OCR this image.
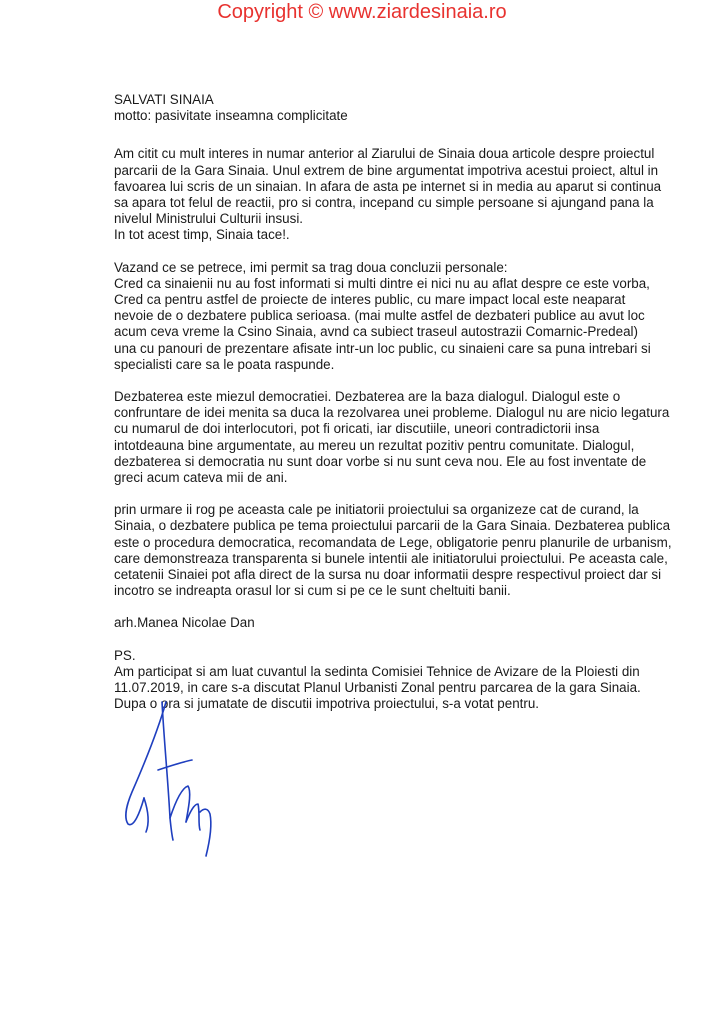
Copyright © www.ziardesinaia.ro

SALVATI SINAIA

motto: pasivitate inseamna complicitate

Am citit cu mult interes in numar anterior al Ziarului de Sinaia doua articole despre proiectul
parcarii de la Gara Sinaia. Unul extrem de bine argumentat impotriva acestui proiect, altul in
favoarea lui scris de un sinaian. In afara de asta pe internet si in media au aparut si continua
sa apara tot felul de reactii, pro si contra, incepand cu simple persoane si ajungand pana la
nivelul Ministrului Culturii insusi.
In tot acest timp, Sinaia tace!.

Vazand ce se petrece, imi permit sa trag doua concluzii personale:
Cred ca sinaienii nu au fost informati si multi dintre ei nici nu au aflat despre ce este vorba,
Cred ca pentru astfel de proiecte de interes public, cu mare impact local este neaparat
nevoie de o dezbatere publica serioasa. (mai multe astfel de dezbateri publice au avut loc
acum ceva vreme la Csino Sinaia, avnd ca subiect traseul autostrazii Comarnic-Predeal)
una cu panouri de prezentare afisate intr-un loc public, cu sinaieni care sa puna intrebari si
specialisti care sa le poata raspunde.

Dezbaterea este miezul democratiei. Dezbaterea are la baza dialogul. Dialogul este o
confruntare de idei menita sa duca la rezolvarea unei probleme. Dialogul nu are nicio legatura
cu numarul de doi interlocutori, pot fi oricati, iar discutiile, uneori contradictorii insa
intotdeauna bine argumentate, au mereu un rezultat pozitiv pentru comunitate. Dialogul,
dezbaterea si democratia nu sunt doar vorbe si nu sunt ceva nou. Ele au fost inventate de
greci acum cateva mii de ani.

prin urmare ii rog pe aceasta cale pe initiatorii proiectului sa organizeze cat de curand, la
Sinaia, o dezbatere publica pe tema proiectului parcarii de la Gara Sinaia. Dezbaterea publica
este o procedura democratica, recomandata de Lege, obligatorie penru planurile de urbanism,
care demonstreaza transparenta si bunele intentii ale initiatorului proiectului. Pe aceasta cale,
cetatenii Sinaiei pot afla direct de la sursa nu doar informatii despre respectivul proiect dar si
incotro se indreapta orasul lor si cum si pe ce le sunt cheltuiti banii.

arh.Manea Nicolae Dan

PS.

Am participat si am luat cuvantul la sedinta Comisiei Tehnice de Avizare de la Ploiesti din
11.07.2019, in care s-a discutat Planul Urbanisti Zonal pentru parcarea de la gara Sinaia.
Dupa o ora si jumatate de discutii impotriva proiectului, s-a votat pentru.
